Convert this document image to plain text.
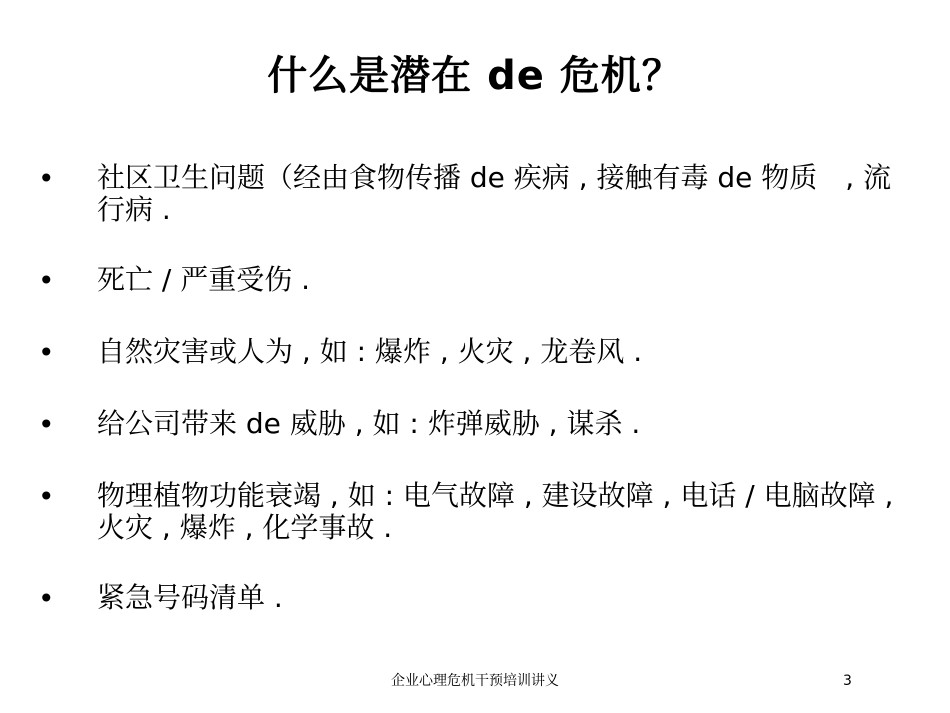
什么是潜在 de 危机？
• 社区卫生问题（经由食物传播 de 疾病 , 接触有毒 de 物质　, 流行病 .
• 死亡 / 严重受伤 .
• 自然灾害或人为 , 如 : 爆炸 , 火灾 , 龙卷风 .
• 给公司带来 de 威胁 , 如 : 炸弹威胁 , 谋杀 .
• 物理植物功能衰竭 , 如 : 电气故障 , 建设故障 , 电话 / 电脑故障 , 火灾 , 爆炸 , 化学事故 .
• 紧急号码清单 .
企业心理危机干预培训讲义	3
